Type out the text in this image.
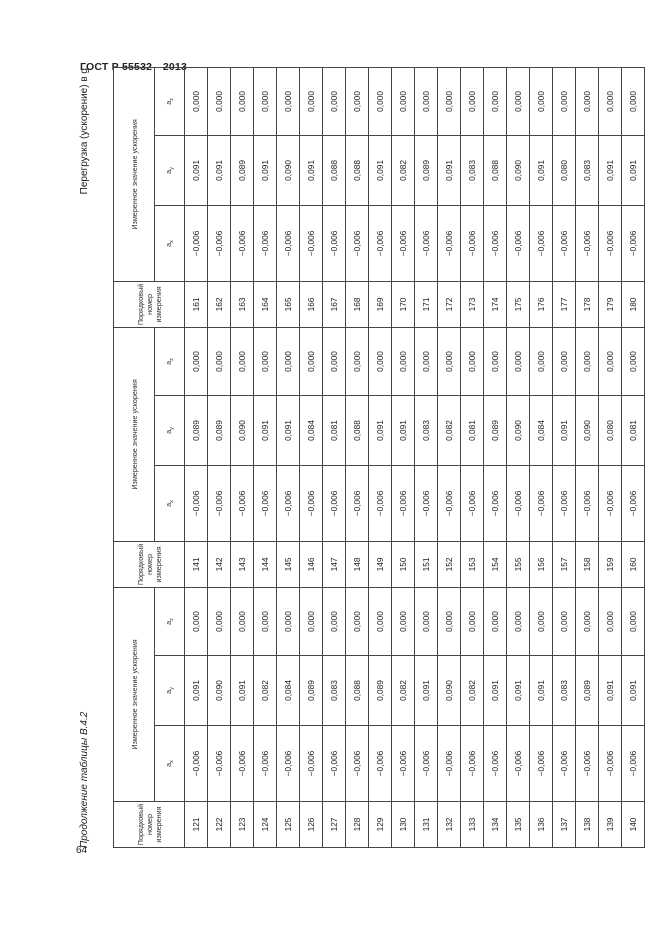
ГОСТ Р 55532—2013
Продолжение таблицы В.4.2
Перегрузка (ускорение) в g
Порядковый номер измерения	Измеренное значение ускорения			Порядковый номер измерения	Измеренное значение ускорения			Порядковый номер измерения	Измеренное значение ускорения		
	$a_x$	$a_y$	$a_z$		$a_x$	$a_y$	$a_z$		$a_x$	$a_y$	$a_z$
121	−0,006	0,091	0,000	141	−0,006	0,089	0,000	161	−0,006	0,091	0,000
122	−0,006	0,090	0,000	142	−0,006	0,089	0,000	162	−0,006	0,091	0,000
123	−0,006	0,091	0,000	143	−0,006	0,090	0,000	163	−0,006	0,089	0,000
124	−0,006	0,082	0,000	144	−0,006	0,091	0,000	164	−0,006	0,091	0,000
125	−0,006	0,084	0,000	145	−0,006	0,091	0,000	165	−0,006	0,090	0,000
126	−0,006	0,089	0,000	146	−0,006	0,084	0,000	166	−0,006	0,091	0,000
127	−0,006	0,083	0,000	147	−0,006	0,081	0,000	167	−0,006	0,088	0,000
128	−0,006	0,088	0,000	148	−0,006	0,088	0,000	168	−0,006	0,088	0,000
129	−0,006	0,089	0,000	149	−0,006	0,091	0,000	169	−0,006	0,091	0,000
130	−0,006	0,082	0,000	150	−0,006	0,091	0,000	170	−0,006	0,082	0,000
131	−0,006	0,091	0,000	151	−0,006	0,083	0,000	171	−0,006	0,089	0,000
132	−0,006	0,090	0,000	152	−0,006	0,082	0,000	172	−0,006	0,091	0,000
133	−0,006	0,082	0,000	153	−0,006	0,081	0,000	173	−0,006	0,083	0,000
134	−0,006	0,091	0,000	154	−0,006	0,089	0,000	174	−0,006	0,088	0,000
135	−0,006	0,091	0,000	155	−0,006	0,090	0,000	175	−0,006	0,090	0,000
136	−0,006	0,091	0,000	156	−0,006	0,084	0,000	176	−0,006	0,091	0,000
137	−0,006	0,083	0,000	157	−0,006	0,091	0,000	177	−0,006	0,080	0,000
138	−0,006	0,089	0,000	158	−0,006	0,090	0,000	178	−0,006	0,083	0,000
139	−0,006	0,091	0,000	159	−0,006	0,080	0,000	179	−0,006	0,091	0,000
140	−0,006	0,091	0,000	160	−0,006	0,081	0,000	180	−0,006	0,091	0,000
64
